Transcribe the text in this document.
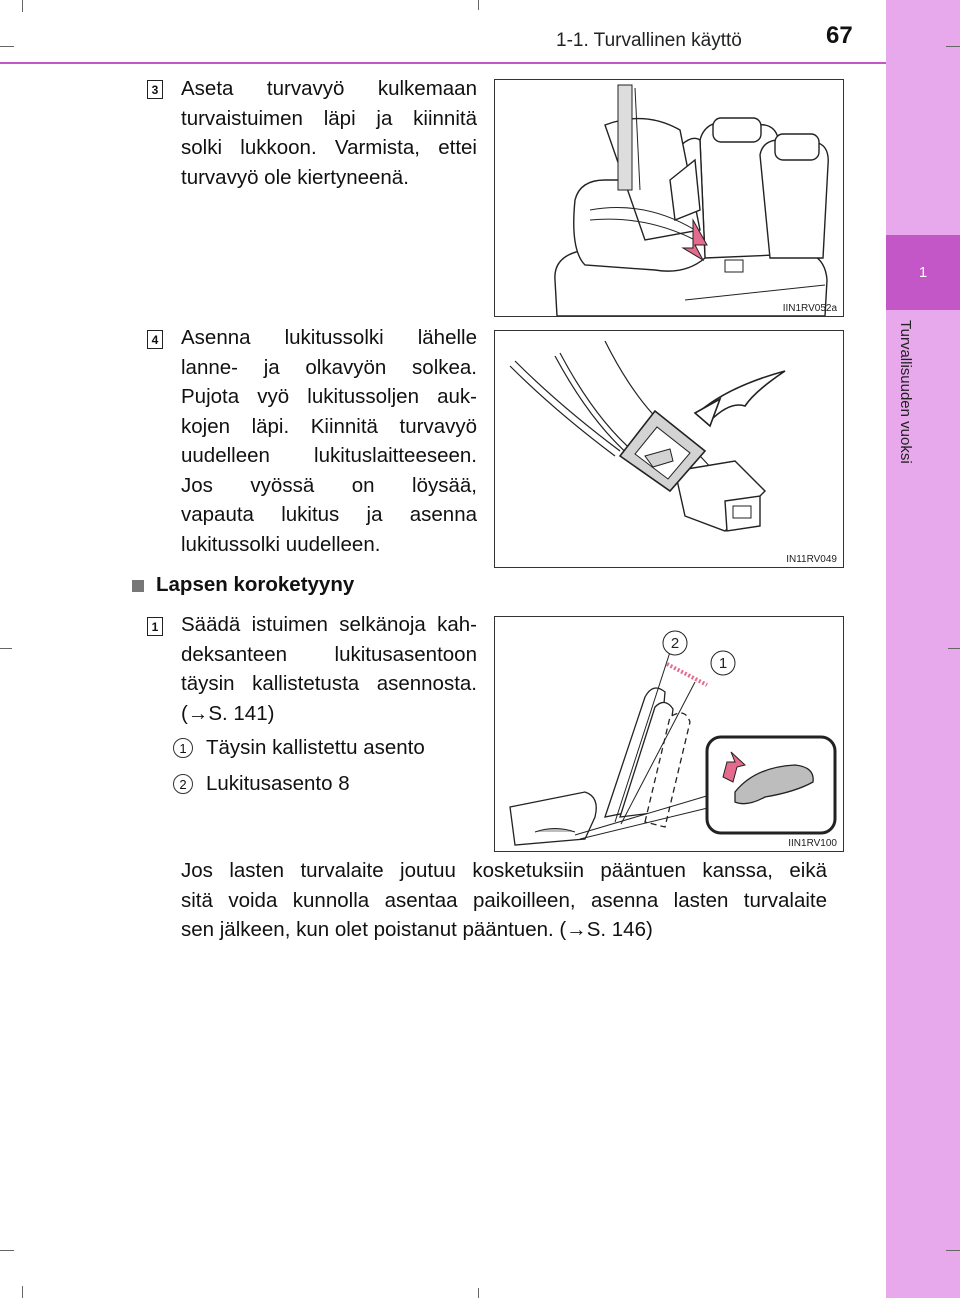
1
Turvallisuuden vuoksi
1-1. Turvallinen käyttö	67
3 Aseta turvavyö kulkemaan
turvaistuimen läpi ja kiinnitä
solki lukkoon. Varmista, ettei
turvavyö ole kiertyneenä.
IIN1RV052a
4 Asenna lukitussolki lähelle
lanne- ja olkavyön solkea.
Pujota vyö lukitussoljen auk-
kojen läpi. Kiinnitä turvavyö
uudelleen lukituslaitteeseen.
Jos vyössä on löysää,
vapauta lukitus ja asenna
lukitussolki uudelleen.
IN11RV049
Lapsen koroketyyny
1 Säädä istuimen selkänoja kah-
deksanteen lukitusasentoon
täysin kallistetusta asennosta.
(→S. 141)
1 Täysin kallistettu asento
2 Lukitusasento 8
2
1
IIN1RV100
Jos lasten turvalaite joutuu kosketuksiin pääntuen kanssa, eikä
sitä voida kunnolla asentaa paikoilleen, asenna lasten turvalaite
sen jälkeen, kun olet poistanut pääntuen. (→S. 146)
